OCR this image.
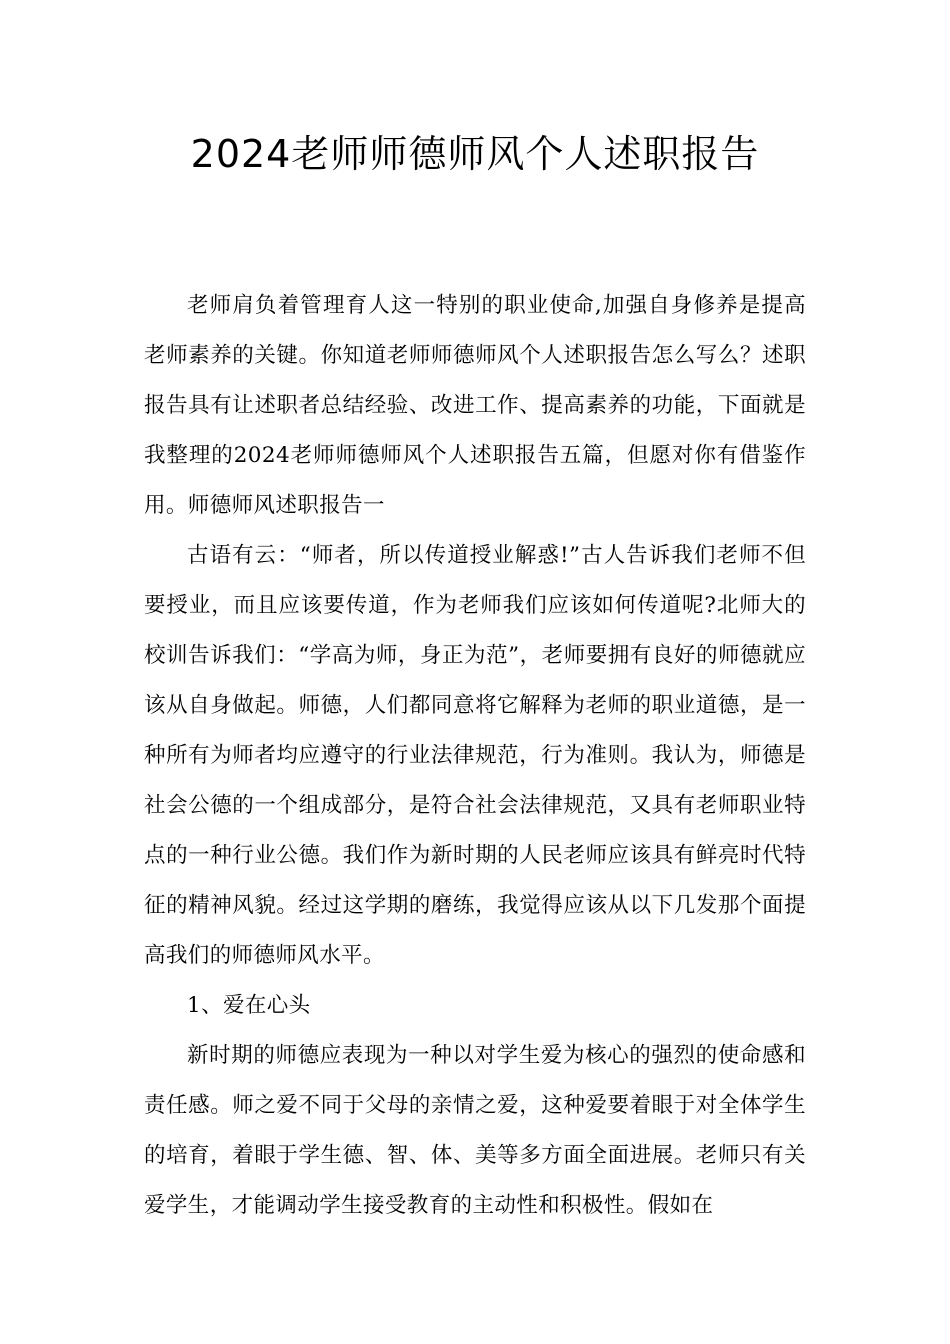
2024老师师德师风个人述职报告

老师肩负着管理育人这一特别的职业使命,加强自身修养是提高老师素养的关键。你知道老师师德师风个人述职报告怎么写么？述职报告具有让述职者总结经验、改进工作、提高素养的功能，下面就是我整理的2024老师师德师风个人述职报告五篇，但愿对你有借鉴作用。师德师风述职报告一

古语有云：“师者，所以传道授业解惑!”古人告诉我们老师不但要授业，而且应该要传道，作为老师我们应该如何传道呢?北师大的校训告诉我们：“学高为师，身正为范”，老师要拥有良好的师德就应该从自身做起。师德，人们都同意将它解释为老师的职业道德，是一种所有为师者均应遵守的行业法律规范，行为准则。我认为，师德是社会公德的一个组成部分，是符合社会法律规范，又具有老师职业特点的一种行业公德。我们作为新时期的人民老师应该具有鲜亮时代特征的精神风貌。经过这学期的磨练，我觉得应该从以下几发那个面提高我们的师德师风水平。

1、爱在心头

新时期的师德应表现为一种以对学生爱为核心的强烈的使命感和责任感。师之爱不同于父母的亲情之爱，这种爱要着眼于对全体学生的培育，着眼于学生德、智、体、美等多方面全面进展。老师只有关爱学生，才能调动学生接受教育的主动性和积极性。假如在
